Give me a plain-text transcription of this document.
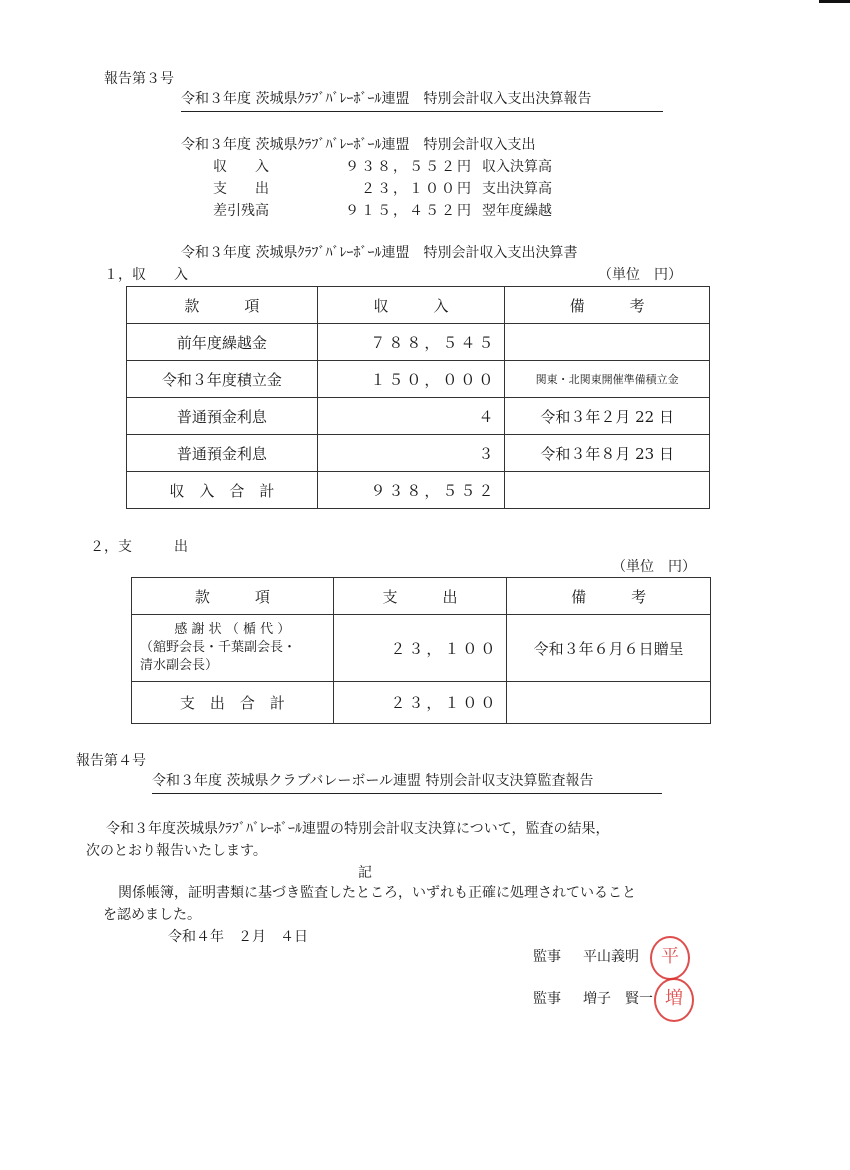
報告第３号
令和３年度 茨城県ｸﾗﾌﾞﾊﾞﾚｰﾎﾞｰﾙ連盟　特別会計収入支出決算報告
令和３年度 茨城県ｸﾗﾌﾞﾊﾞﾚｰﾎﾞｰﾙ連盟　特別会計収入支出
収　　入	９３８，５５２円 収入決算高
支　　出	２３，１００円 支出決算高
差引残高	９１５，４５２円 翌年度繰越
令和３年度 茨城県ｸﾗﾌﾞﾊﾞﾚｰﾎﾞｰﾙ連盟　特別会計収入支出決算書
１，収　　入	（単位　円）
款　　　項	収　　　入	備　　　考
前年度繰越金	７８８，５４５	
令和３年度積立金	１５０，０００	関東・北関東開催準備積立金
普通預金利息	４	令和３年２月 22 日
普通預金利息	３	令和３年８月 23 日
収　入　合　計	９３８，５５２	
２，支　　　出
（単位　円）
款　　　項	支　　　出	備　　　考

感 謝 状 （ 楯 代 ）
（舘野会長・千葉副会長・
清水副会長）	２３，１００	令和３年６月６日贈呈
支　出　合　計	２３，１００	
報告第４号
令和３年度 茨城県クラブバレーボール連盟 特別会計収支決算監査報告
令和３年度茨城県ｸﾗﾌﾞﾊﾞﾚｰﾎﾞｰﾙ連盟の特別会計収支決算について，監査の結果，
次のとおり報告いたします。
記
関係帳簿，証明書類に基づき監査したところ，いずれも正確に処理されていること
を認めました。
令和４年　２月　４日
監事 平山義明	平
監事 増子　賢一 増
